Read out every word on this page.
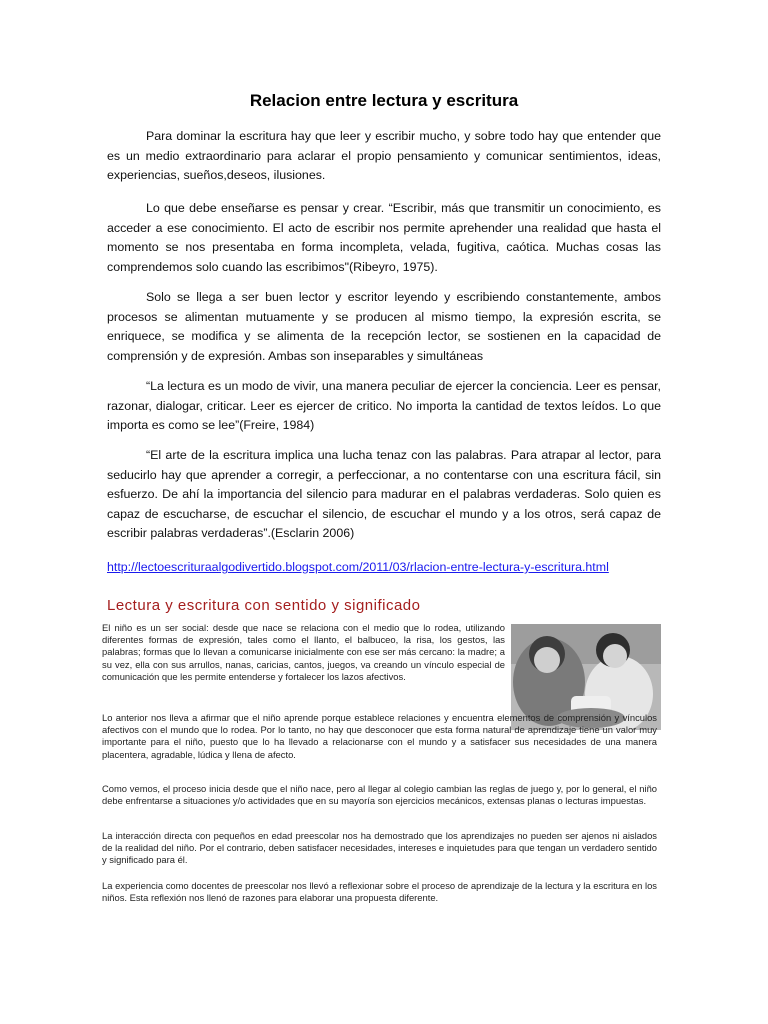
Relacion entre lectura y escritura
Para dominar la escritura hay que leer y escribir mucho, y sobre todo hay que entender que es un medio extraordinario para aclarar el propio pensamiento y comunicar sentimientos, ideas, experiencias, sueños,deseos, ilusiones.
Lo que debe enseñarse es pensar y crear. “Escribir, más que transmitir un conocimiento, es acceder a ese conocimiento. El acto de escribir nos permite aprehender una realidad que hasta el momento se nos presentaba en forma incompleta, velada, fugitiva, caótica. Muchas cosas las comprendemos solo cuando las escribimos"(Ribeyro, 1975).
Solo se llega a ser buen lector y escritor leyendo y escribiendo constantemente, ambos procesos se alimentan mutuamente y se producen al mismo tiempo, la expresión escrita, se enriquece, se modifica y se alimenta de la recepción lector, se sostienen en la capacidad de comprensión y de expresión. Ambas son inseparables y simultáneas
“La lectura es un modo de vivir, una manera peculiar de ejercer la conciencia. Leer es pensar, razonar, dialogar, criticar. Leer es ejercer de critico. No importa la cantidad de textos leídos. Lo que importa es como se lee”(Freire, 1984)
“El arte de la escritura implica una lucha tenaz con las palabras. Para atrapar al lector, para seducirlo hay que aprender a corregir, a perfeccionar, a no contentarse con una escritura fácil, sin esfuerzo. De ahí la importancia del silencio para madurar en el palabras verdaderas. Solo quien es capaz de escucharse, de escuchar el silencio, de escuchar el mundo y a los otros, será capaz de escribir palabras verdaderas”.(Esclarin 2006)
http://lectoescrituraalgodivertido.blogspot.com/2011/03/rlacion-entre-lectura-y-escritura.html
Lectura y escritura con sentido y significado
El niño es un ser social: desde que nace se relaciona con el medio que lo rodea, utilizando diferentes formas de expresión, tales como el llanto, el balbuceo, la risa, los gestos, las palabras; formas que lo llevan a comunicarse inicialmente con ese ser más cercano: la madre; a su vez, ella con sus arrullos, nanas, caricias, cantos, juegos, va creando un vínculo especial de comunicación que les permite entenderse y fortalecer los lazos afectivos.
Lo anterior nos lleva a afirmar que el niño aprende porque establece relaciones y encuentra elementos de comprensión y vínculos afectivos con el mundo que lo rodea. Por lo tanto, no hay que desconocer que esta forma natural de aprendizaje tiene un valor muy importante para el niño, puesto que lo ha llevado a relacionarse con el mundo y a satisfacer sus necesidades de una manera placentera, agradable, lúdica y llena de afecto.
Como vemos, el proceso inicia desde que el niño nace, pero al llegar al colegio cambian las reglas de juego y, por lo general, el niño debe enfrentarse a situaciones y/o actividades que en su mayoría son ejercicios mecánicos, extensas planas o lecturas impuestas.
La interacción directa con pequeños en edad preescolar nos ha demostrado que los aprendizajes no pueden ser ajenos ni aislados de la realidad del niño. Por el contrario, deben satisfacer necesidades, intereses e inquietudes para que tengan un verdadero sentido y significado para él.
La experiencia como docentes de preescolar nos llevó a reflexionar sobre el proceso de aprendizaje de la lectura y la escritura en los niños. Esta reflexión nos llenó de razones para elaborar una propuesta diferente.
